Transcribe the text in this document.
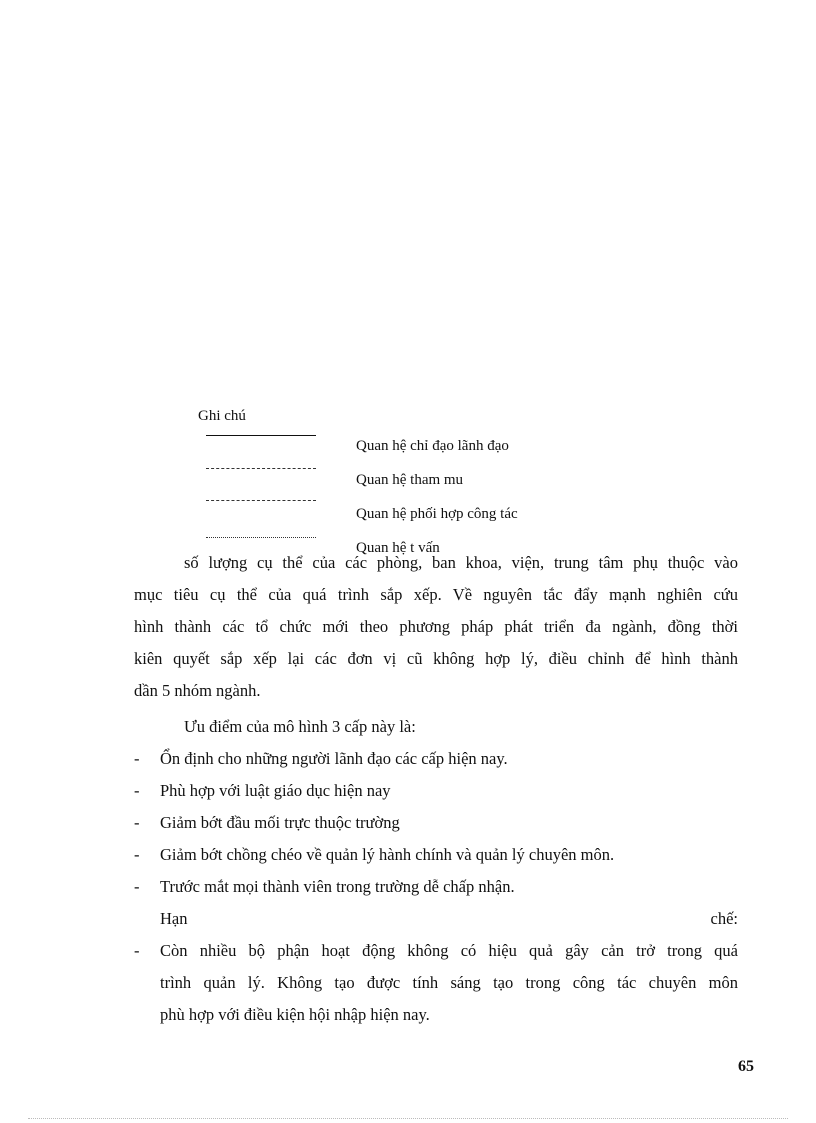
Ghi chú
Quan hệ chỉ đạo lãnh đạo
Quan hệ tham mu
Quan hệ phối hợp công tác
Quan hệ t vấn
số lượng cụ thể của các phòng, ban khoa, viện, trung tâm phụ thuộc vào
mục tiêu cụ thể của quá trình sắp xếp. Về nguyên tắc đẩy mạnh nghiên cứu
hình thành các tổ chức mới theo phương pháp phát triển đa ngành, đồng thời
kiên quyết sắp xếp lại các đơn vị cũ không hợp lý, điều chỉnh để hình thành
dần 5 nhóm ngành.
Ưu điểm của mô hình 3 cấp này là:
- Ổn định cho những người lãnh đạo các cấp hiện nay.
- Phù hợp với luật giáo dục hiện nay
- Giảm bớt đầu mối trực thuộc trường
- Giảm bớt chồng chéo về quản lý hành chính và quản lý chuyên môn.
- Trước mắt mọi thành viên trong trường dễ chấp nhận.
Hạn	chế:
- Còn nhiều bộ phận hoạt động không có hiệu quả gây cản trở trong quá
trình quản lý. Không tạo được tính sáng tạo trong công tác chuyên môn
phù hợp với điều kiện hội nhập hiện nay.
65
